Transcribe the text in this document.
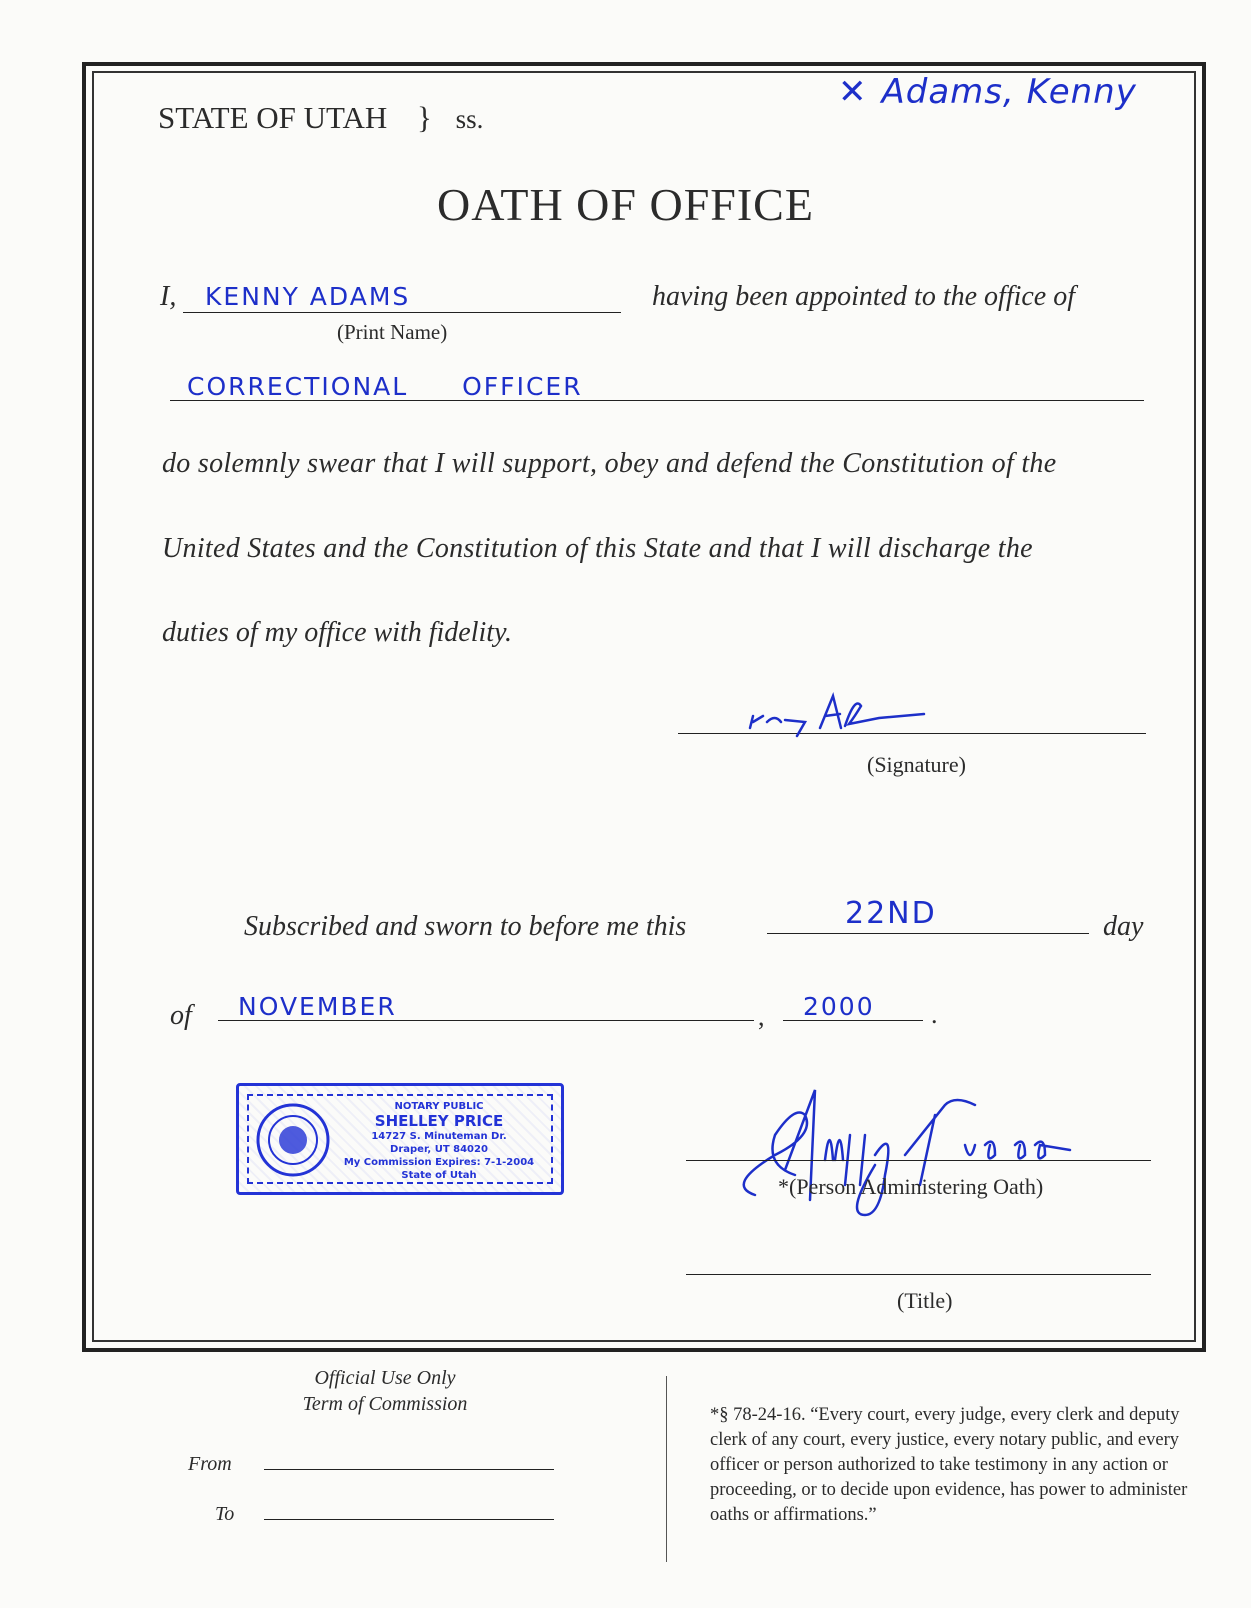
STATE OF UTAH } ss.
✕ Adams, Kenny
OATH OF OFFICE
I, KENNY ADAMS
(Print Name)
having been appointed to the office of
CORRECTIONAL OFFICER
do solemnly swear that I will support, obey and defend the Constitution of the
United States and the Constitution of this State and that I will discharge the
duties of my office with fidelity.
(Signature)
Subscribed and sworn to before me this	22ND	day
of NOVEMBER	, 2000 .
NOTARY PUBLIC
SHELLEY PRICE
14727 S. Minuteman Dr.
Draper, UT 84020
My Commission Expires: 7-1-2004
State of Utah	*(Person Administering Oath)
(Title)
Official Use Only
Term of Commission
From
To
*§ 78-24-16. “Every court, every judge, every clerk and deputy clerk of any court, every justice, every notary public, and every officer or person authorized to take testimony in any action or proceeding, or to decide upon evidence, has power to administer oaths or affirmations.”
